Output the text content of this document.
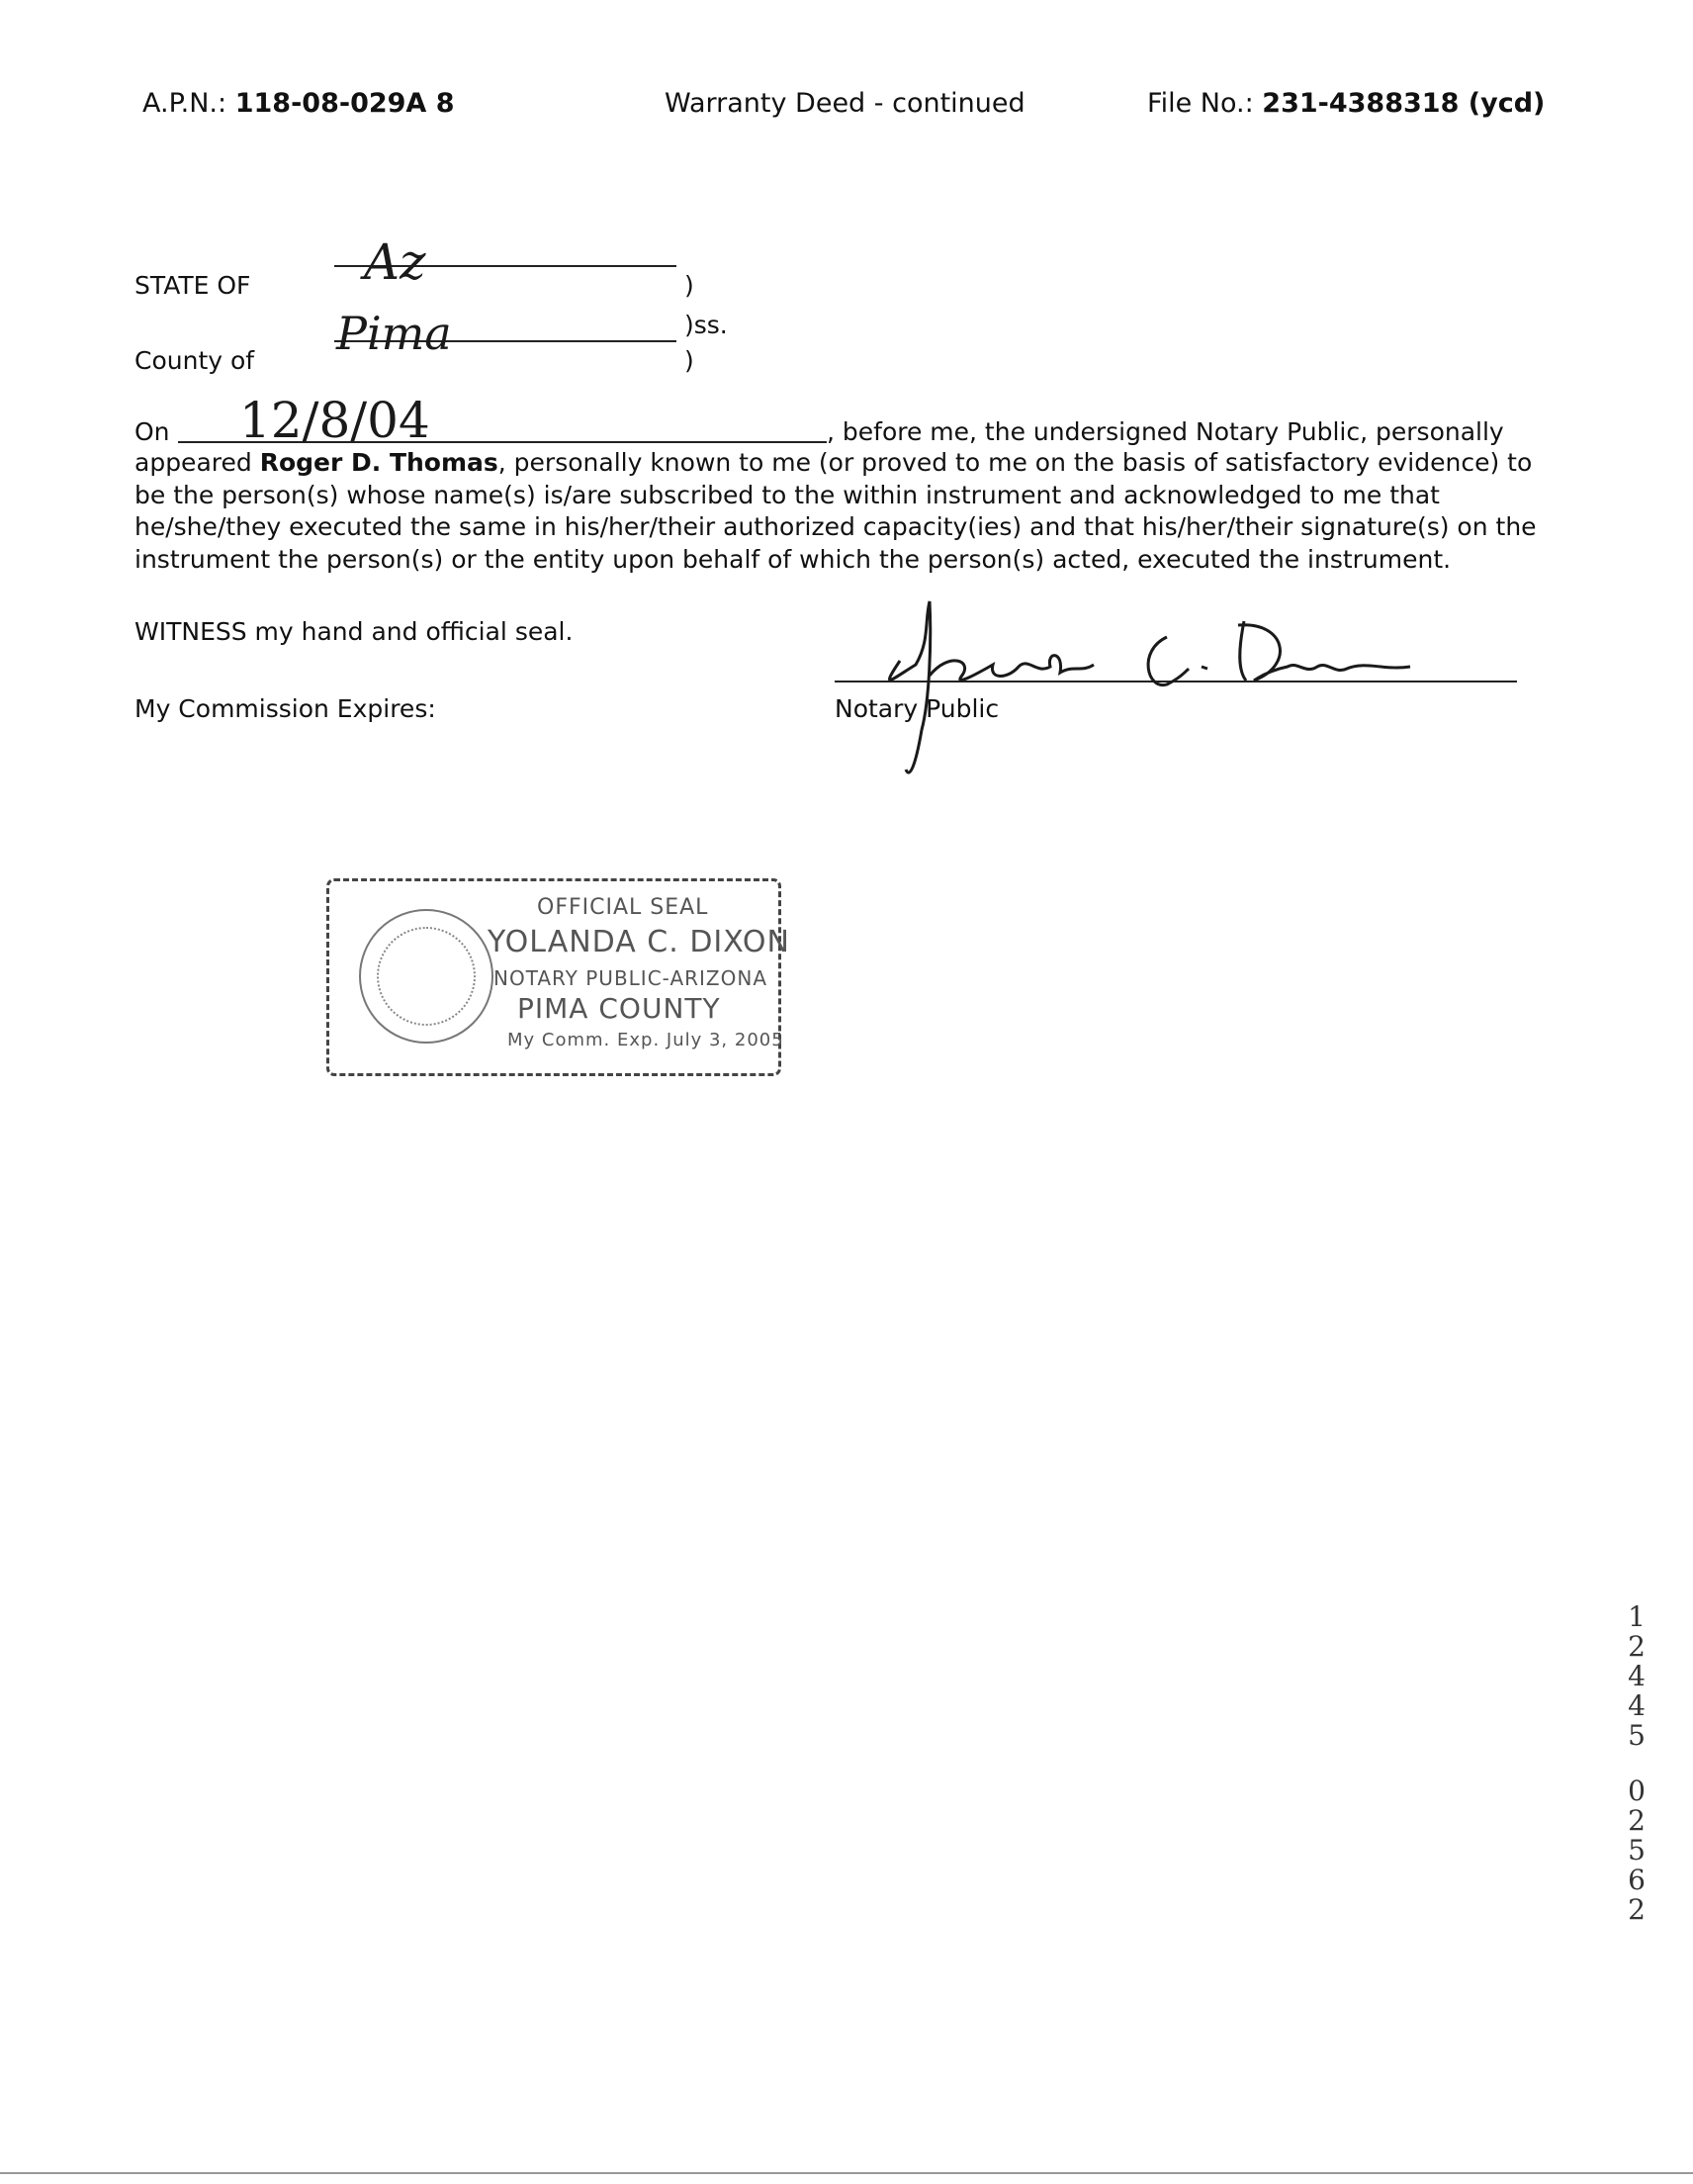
A.P.N.: 118-08-029A 8	Warranty Deed - continued	File No.: 231-4388318 (ycd)
STATE OF Az	)
)ss.
County of
Pima
)
On 12/8/04	, before me, the undersigned Notary Public, personally
appeared Roger D. Thomas, personally known to me (or proved to me on the basis of satisfactory evidence) to
be the person(s) whose name(s) is/are subscribed to the within instrument and acknowledged to me that
he/she/they executed the same in his/her/their authorized capacity(ies) and that his/her/their signature(s) on the
instrument the person(s) or the entity upon behalf of which the person(s) acted, executed the instrument.
WITNESS my hand and official seal.
My Commission Expires:	Notary Public
OFFICIAL SEAL
YOLANDA C. DIXON
NOTARY PUBLIC-ARIZONA
PIMA COUNTY
My Comm. Exp. July 3, 2005
1
2
4
4
5
0
2
5
6
2
